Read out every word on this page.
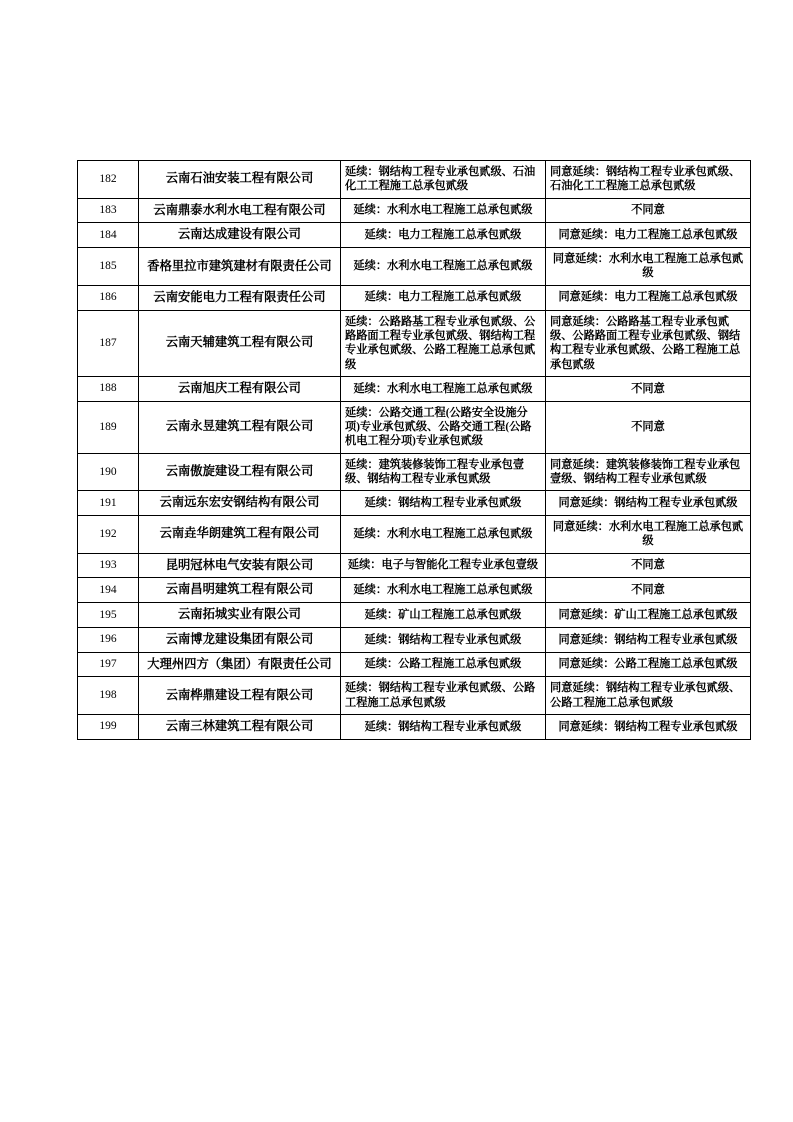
182	云南石油安装工程有限公司	延续：钢结构工程专业承包贰级、石油化工工程施工总承包贰级	同意延续：钢结构工程专业承包贰级、石油化工工程施工总承包贰级
183	云南鼎泰水利水电工程有限公司	延续：水利水电工程施工总承包贰级	不同意
184	云南达成建设有限公司	延续：电力工程施工总承包贰级	同意延续：电力工程施工总承包贰级
185	香格里拉市建筑建材有限责任公司	延续：水利水电工程施工总承包贰级	同意延续：水利水电工程施工总承包贰级
186	云南安能电力工程有限责任公司	延续：电力工程施工总承包贰级	同意延续：电力工程施工总承包贰级
187	云南天辅建筑工程有限公司	延续：公路路基工程专业承包贰级、公路路面工程专业承包贰级、钢结构工程专业承包贰级、公路工程施工总承包贰级	同意延续：公路路基工程专业承包贰级、公路路面工程专业承包贰级、钢结构工程专业承包贰级、公路工程施工总承包贰级
188	云南旭庆工程有限公司	延续：水利水电工程施工总承包贰级	不同意
189	云南永昱建筑工程有限公司	延续：公路交通工程(公路安全设施分项)专业承包贰级、公路交通工程(公路机电工程分项)专业承包贰级	不同意
190	云南傲旋建设工程有限公司	延续：建筑装修装饰工程专业承包壹级、钢结构工程专业承包贰级	同意延续：建筑装修装饰工程专业承包壹级、钢结构工程专业承包贰级
191	云南远东宏安钢结构有限公司	延续：钢结构工程专业承包贰级	同意延续：钢结构工程专业承包贰级
192	云南垚华朗建筑工程有限公司	延续：水利水电工程施工总承包贰级	同意延续：水利水电工程施工总承包贰级
193	昆明冠林电气安装有限公司	延续：电子与智能化工程专业承包壹级	不同意
194	云南昌明建筑工程有限公司	延续：水利水电工程施工总承包贰级	不同意
195	云南拓城实业有限公司	延续：矿山工程施工总承包贰级	同意延续：矿山工程施工总承包贰级
196	云南博龙建设集团有限公司	延续：钢结构工程专业承包贰级	同意延续：钢结构工程专业承包贰级
197	大理州四方（集团）有限责任公司	延续：公路工程施工总承包贰级	同意延续：公路工程施工总承包贰级
198	云南桦鼎建设工程有限公司	延续：钢结构工程专业承包贰级、公路工程施工总承包贰级	同意延续：钢结构工程专业承包贰级、公路工程施工总承包贰级
199	云南三林建筑工程有限公司	延续：钢结构工程专业承包贰级	同意延续：钢结构工程专业承包贰级
